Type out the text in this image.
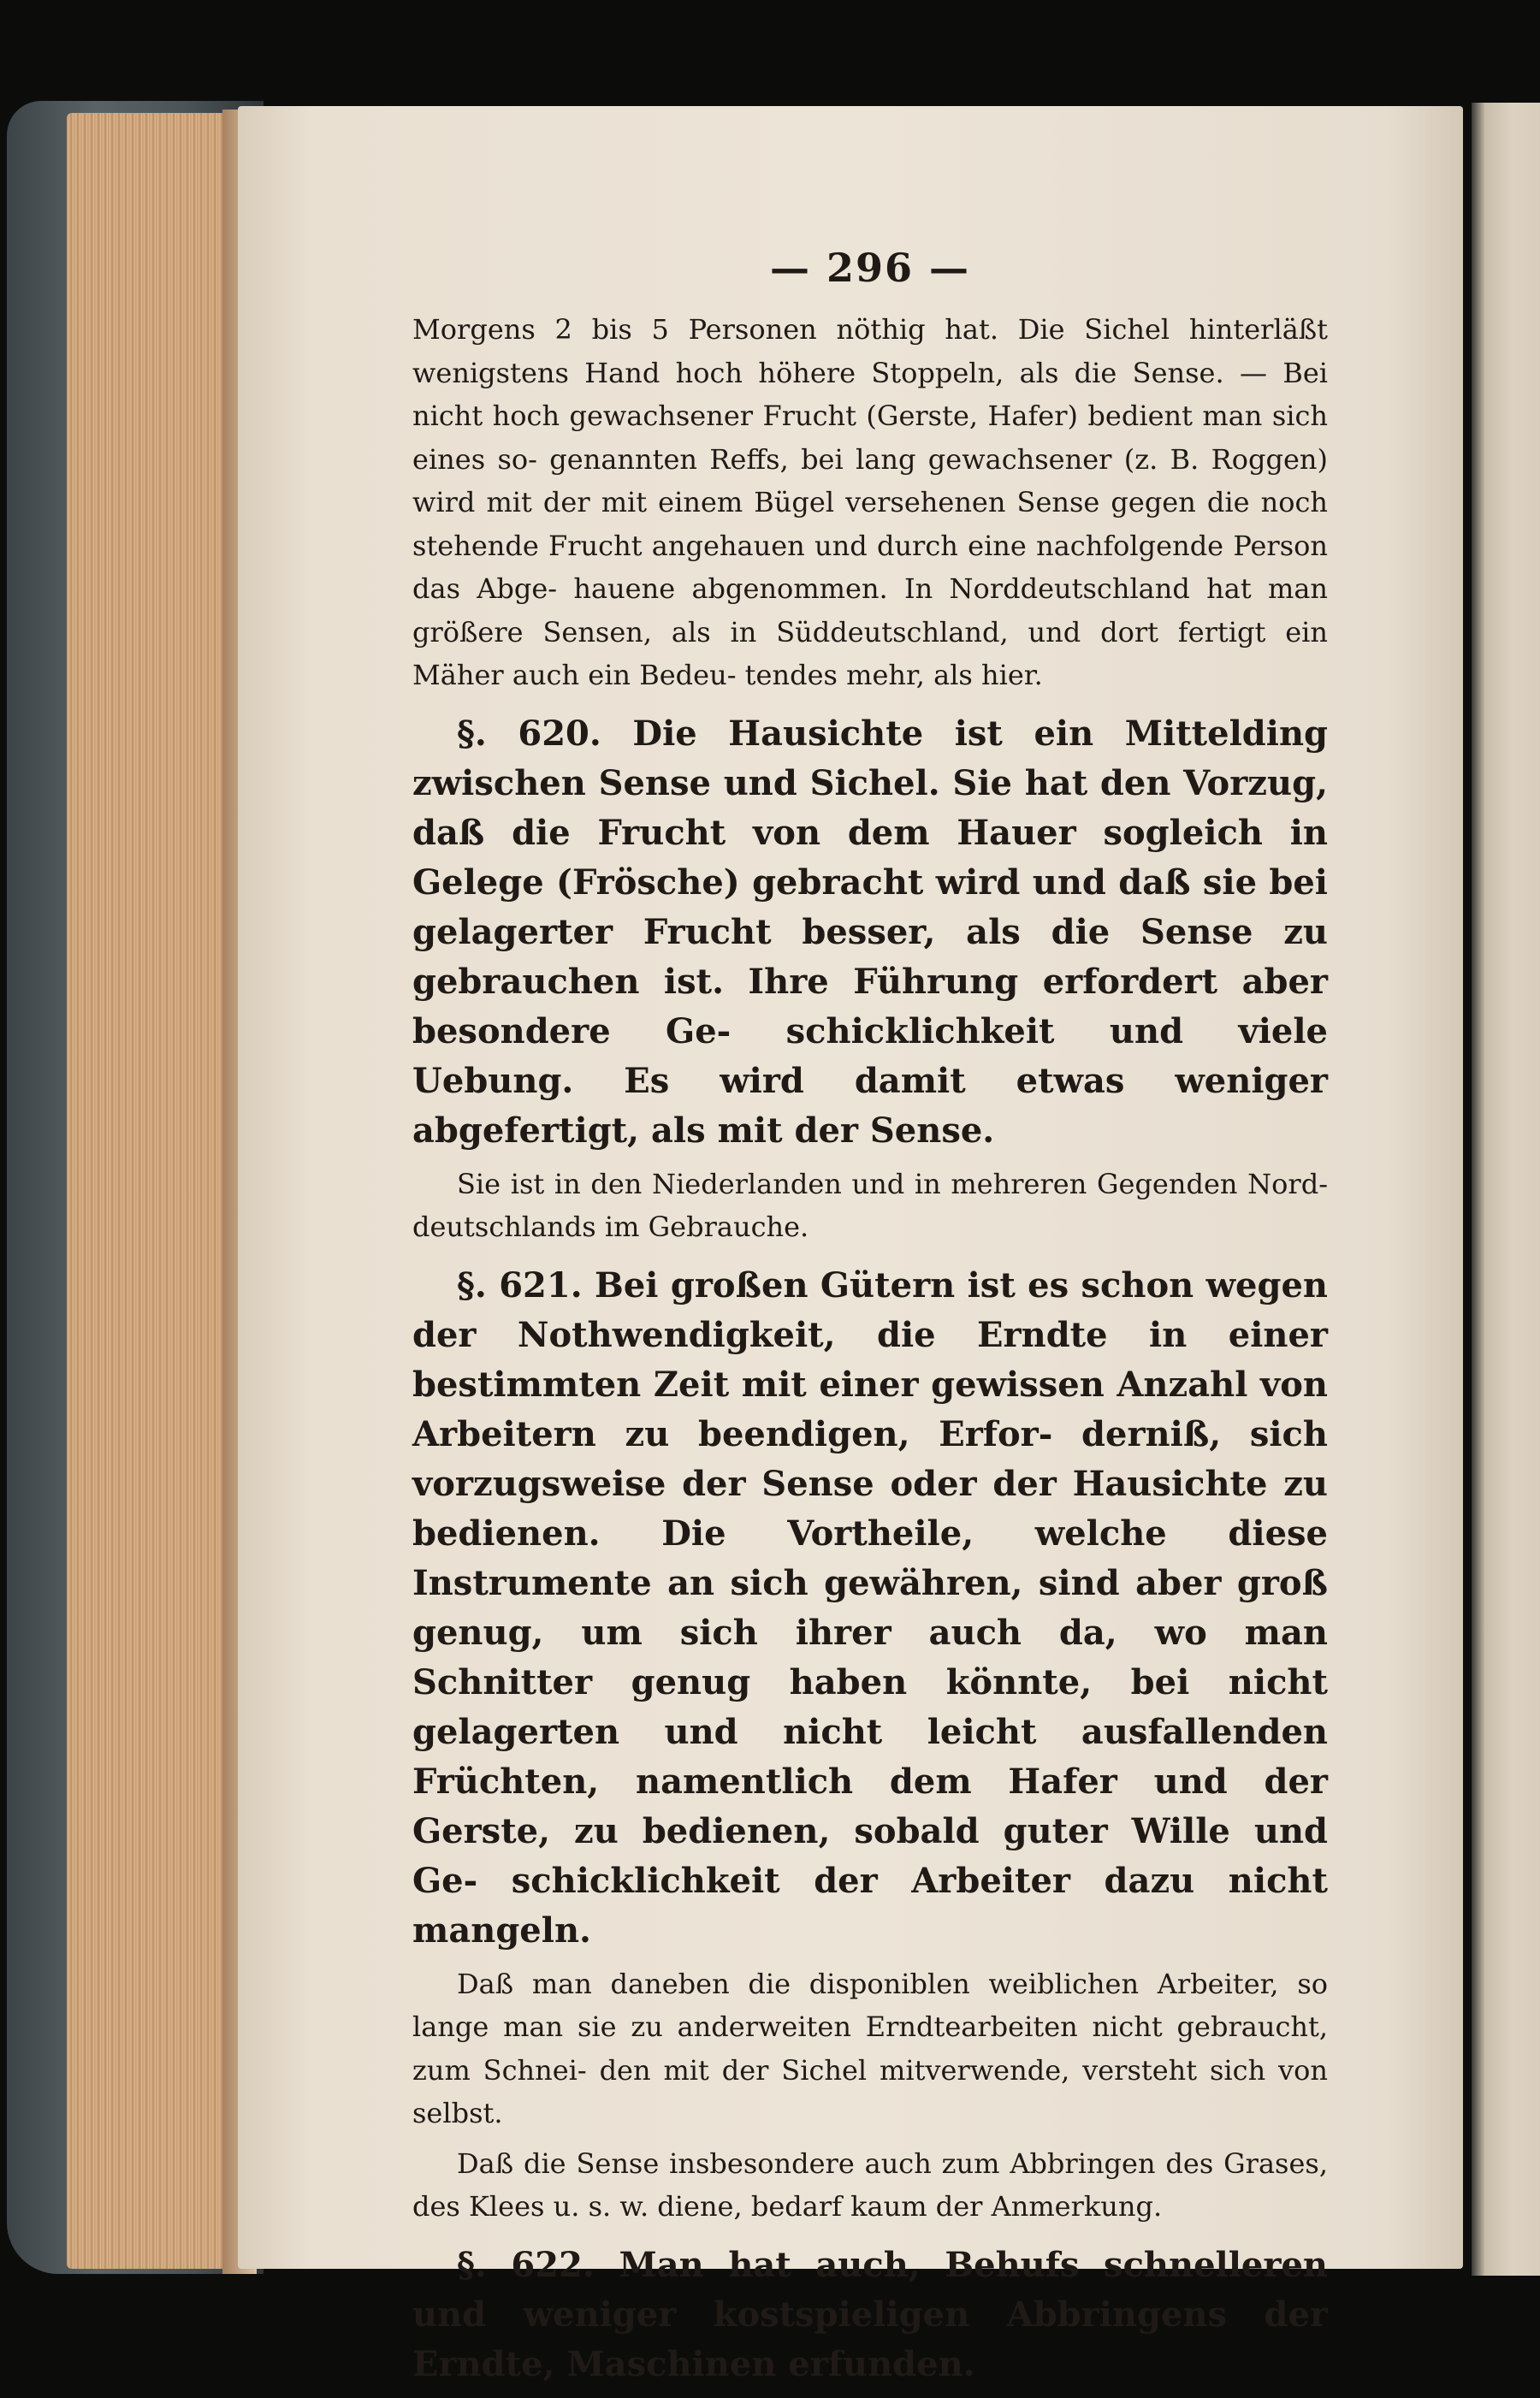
— 296 —

Morgens 2 bis 5 Personen nöthig hat. Die Sichel hinterläßt wenigstens Hand hoch höhere Stoppeln, als die Sense. — Bei nicht hoch gewachsener Frucht (Gerste, Hafer) bedient man sich eines so- genannten Reffs, bei lang gewachsener (z. B. Roggen) wird mit der mit einem Bügel versehenen Sense gegen die noch stehende Frucht angehauen und durch eine nachfolgende Person das Abge- hauene abgenommen. In Norddeutschland hat man größere Sensen, als in Süddeutschland, und dort fertigt ein Mäher auch ein Bedeu- tendes mehr, als hier.

§. 620. Die Hausichte ist ein Mittelding zwischen Sense und Sichel. Sie hat den Vorzug, daß die Frucht von dem Hauer sogleich in Gelege (Frösche) gebracht wird und daß sie bei gelagerter Frucht besser, als die Sense zu gebrauchen ist. Ihre Führung erfordert aber besondere Ge- schicklichkeit und viele Uebung. Es wird damit etwas weniger abgefertigt, als mit der Sense.

Sie ist in den Niederlanden und in mehreren Gegenden Nord- deutschlands im Gebrauche.

§. 621. Bei großen Gütern ist es schon wegen der Nothwendigkeit, die Erndte in einer bestimmten Zeit mit einer gewissen Anzahl von Arbeitern zu beendigen, Erfor- derniß, sich vorzugsweise der Sense oder der Hausichte zu bedienen. Die Vortheile, welche diese Instrumente an sich gewähren, sind aber groß genug, um sich ihrer auch da, wo man Schnitter genug haben könnte, bei nicht gelagerten und nicht leicht ausfallenden Früchten, namentlich dem Hafer und der Gerste, zu bedienen, sobald guter Wille und Ge- schicklichkeit der Arbeiter dazu nicht mangeln.

Daß man daneben die disponiblen weiblichen Arbeiter, so lange man sie zu anderweiten Erndtearbeiten nicht gebraucht, zum Schnei- den mit der Sichel mitverwende, versteht sich von selbst.

Daß die Sense insbesondere auch zum Abbringen des Grases, des Klees u. s. w. diene, bedarf kaum der Anmerkung.

§. 622. Man hat auch, Behufs schnelleren und weniger kostspieligen Abbringens der Erndte, Maschinen erfunden.
